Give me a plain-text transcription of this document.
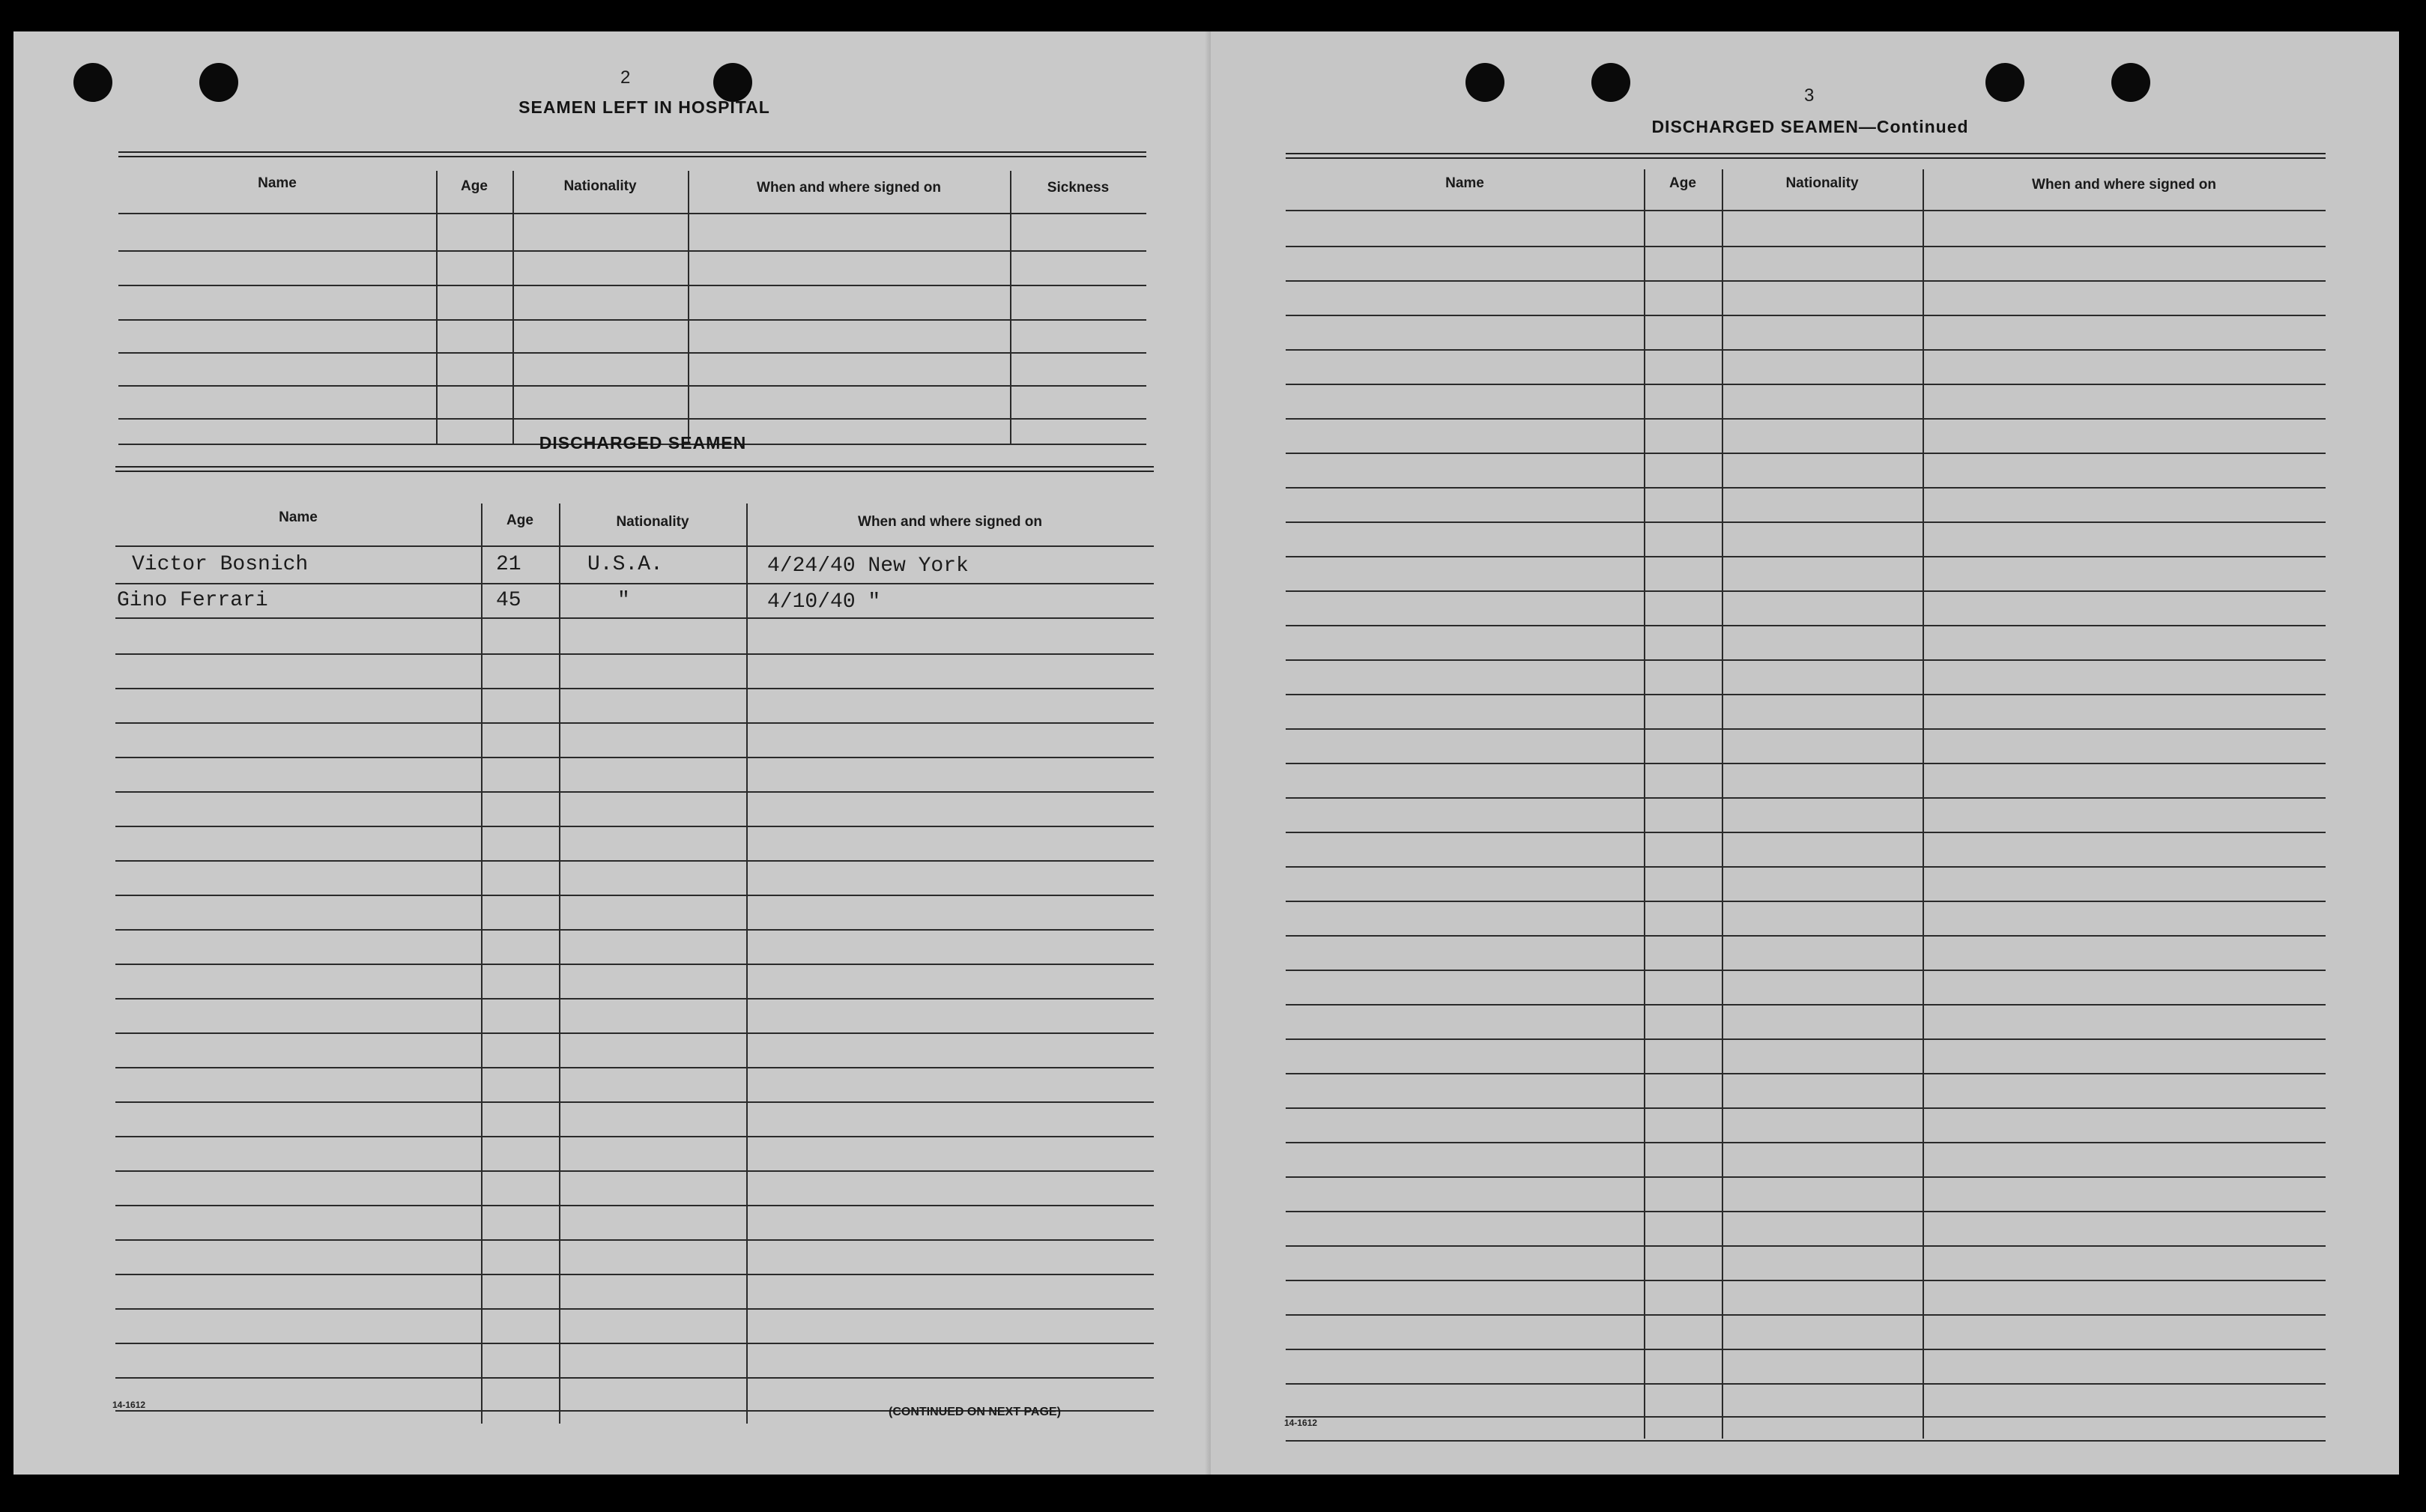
2
SEAMEN LEFT IN HOSPITAL
Name	Age	Nationality	When and where signed on	Sickness
DISCHARGED SEAMEN
Name	Age	Nationality	When and where signed on
Victor Bosnich	21	U.S.A.	4/24/40 New York
Gino Ferrari	45	"	4/10/40 "
14-1612
(CONTINUED ON NEXT PAGE)
3
DISCHARGED SEAMEN—Continued
Name	Age	Nationality	When and where signed on
14-1612
